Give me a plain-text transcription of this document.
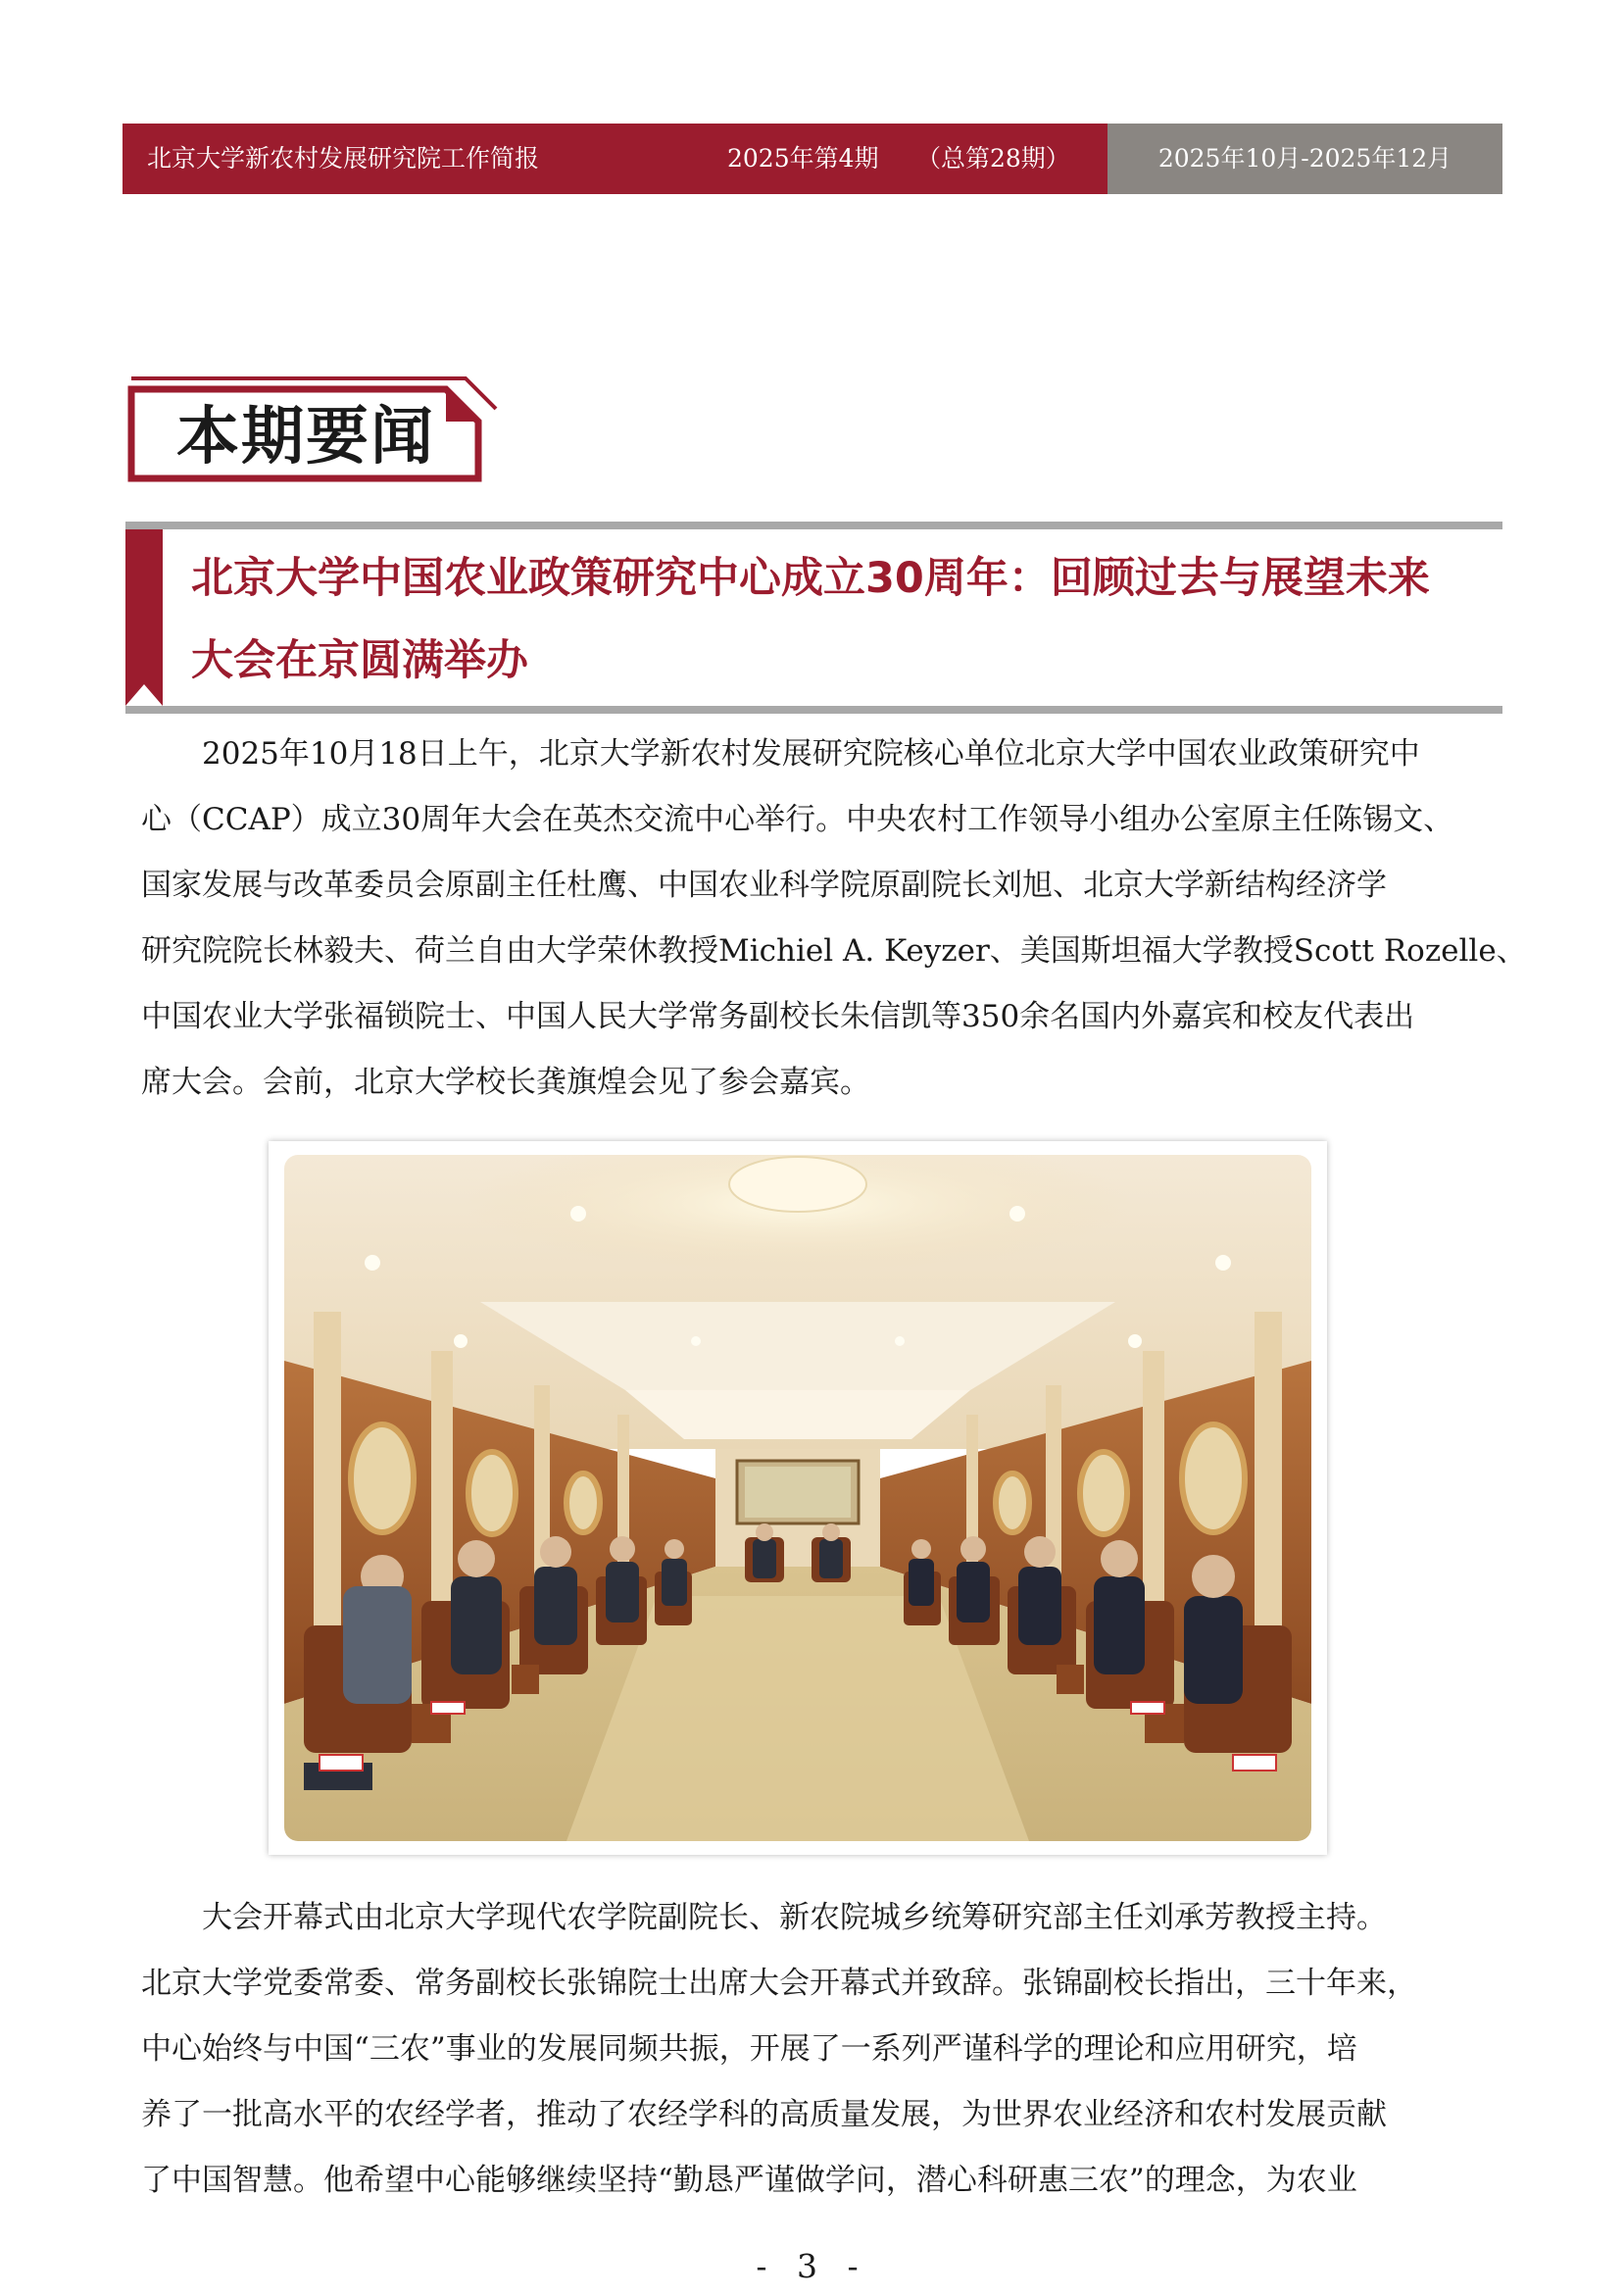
北京大学新农村发展研究院工作简报	2025年第4期 （总第28期）	2025年10月-2025年12月
本期要闻
北京大学中国农业政策研究中心成立30周年：回顾过去与展望未来
大会在京圆满举办
　　2025年10月18日上午，北京大学新农村发展研究院核心单位北京大学中国农业政策研究中
心（CCAP）成立30周年大会在英杰交流中心举行。中央农村工作领导小组办公室原主任陈锡文、
国家发展与改革委员会原副主任杜鹰、中国农业科学院原副院长刘旭、北京大学新结构经济学
研究院院长林毅夫、荷兰自由大学荣休教授Michiel A. Keyzer、美国斯坦福大学教授Scott Rozelle、
中国农业大学张福锁院士、中国人民大学常务副校长朱信凯等350余名国内外嘉宾和校友代表出
席大会。会前，北京大学校长龚旗煌会见了参会嘉宾。
　　大会开幕式由北京大学现代农学院副院长、新农院城乡统筹研究部主任刘承芳教授主持。
北京大学党委常委、常务副校长张锦院士出席大会开幕式并致辞。张锦副校长指出，三十年来，
中心始终与中国“三农”事业的发展同频共振，开展了一系列严谨科学的理论和应用研究，培
养了一批高水平的农经学者，推动了农经学科的高质量发展，为世界农业经济和农村发展贡献
了中国智慧。他希望中心能够继续坚持“勤恳严谨做学问，潜心科研惠三农”的理念，为农业
- 3 -
